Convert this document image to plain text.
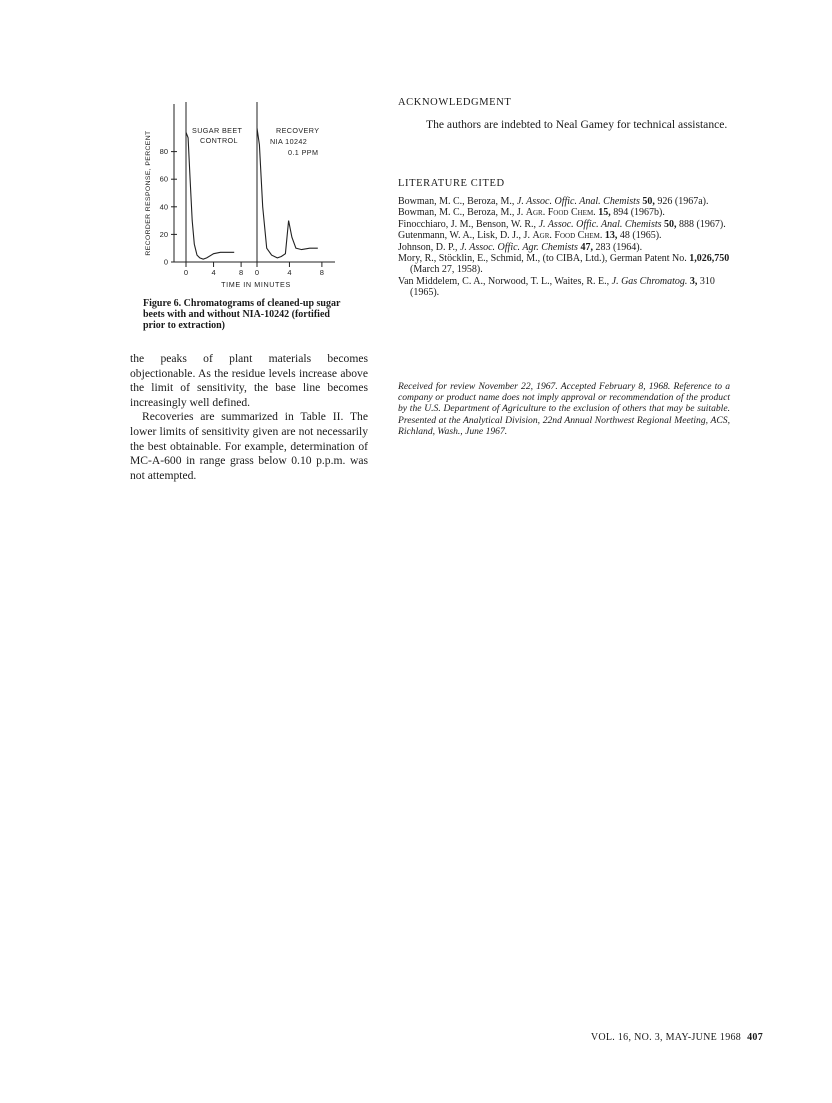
80
60
40
20
0
RECORDER RESPONSE, PERCENT
0	4	8 0	4	8
TIME IN MINUTES
SUGAR BEET
CONTROL
RECOVERY
NIA 10242
0.1 PPM
Figure 6. Chromatograms of cleaned-up sugar beets with and without NIA-10242 (fortified prior to extraction)

the peaks of plant materials becomes objectionable. As the residue levels increase above the limit of sensitivity, the base line becomes increasingly well defined.

Recoveries are summarized in Table II. The lower limits of sensitivity given are not necessarily the best obtainable. For example, determination of MC-A-600 in range grass below 0.10 p.p.m. was not attempted.

ACKNOWLEDGMENT
The authors are indebted to Neal Gamey for technical assistance.
LITERATURE CITED

Bowman, M. C., Beroza, M., J. Assoc. Offic. Anal. Chemists 50, 926 (1967a).

Bowman, M. C., Beroza, M., J. Agr. Food Chem. 15, 894 (1967b).

Finocchiaro, J. M., Benson, W. R., J. Assoc. Offic. Anal. Chemists 50, 888 (1967).

Gutenmann, W. A., Lisk, D. J., J. Agr. Food Chem. 13, 48 (1965).

Johnson, D. P., J. Assoc. Offic. Agr. Chemists 47, 283 (1964).

Mory, R., Stöcklin, E., Schmid, M., (to CIBA, Ltd.), German Patent No. 1,026,750 (March 27, 1958).

Van Middelem, C. A., Norwood, T. L., Waites, R. E., J. Gas Chromatog. 3, 310 (1965).

Received for review November 22, 1967. Accepted February 8, 1968. Reference to a company or product name does not imply approval or recommendation of the product by the U.S. Department of Agriculture to the exclusion of others that may be suitable. Presented at the Analytical Division, 22nd Annual Northwest Regional Meeting, ACS, Richland, Wash., June 1967.
VOL. 16, NO. 3, MAY-JUNE 1968 407
